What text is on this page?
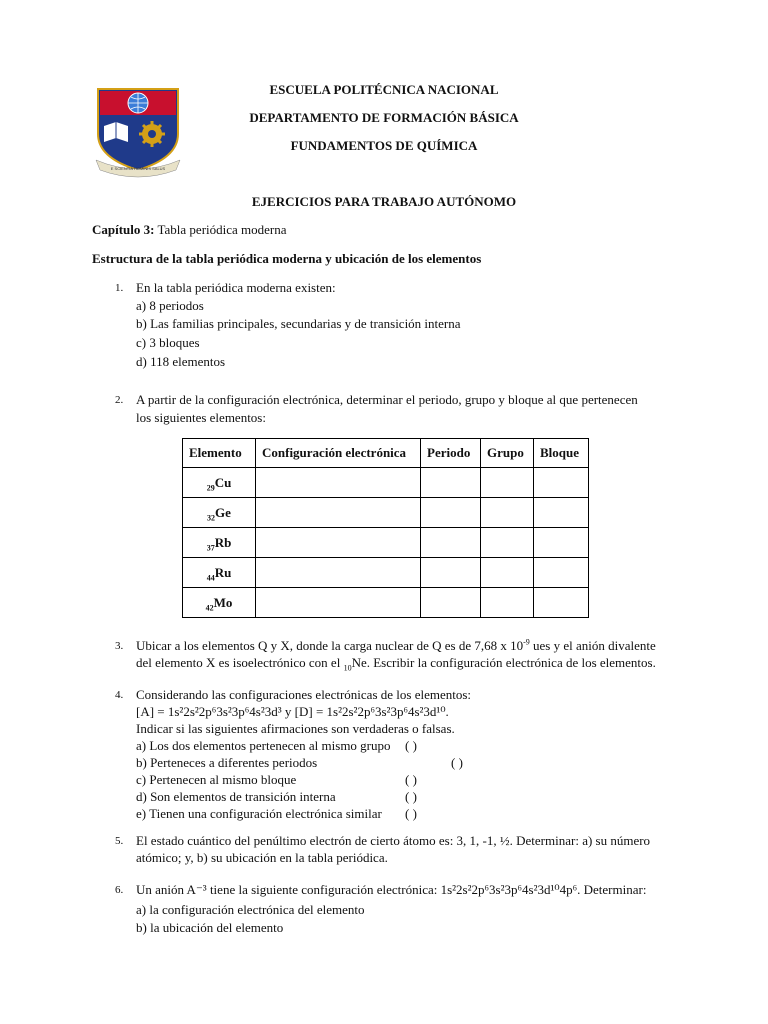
E SCIENTIA HOMINIS SALUS
ESCUELA POLITÉCNICA NACIONAL
DEPARTAMENTO DE FORMACIÓN BÁSICA
FUNDAMENTOS DE QUÍMICA
EJERCICIOS PARA TRABAJO AUTÓNOMO
Capítulo 3: Tabla periódica moderna
Estructura de la tabla periódica moderna y ubicación de los elementos
1. En la tabla periódica moderna existen:
a) 8 periodos
b) Las familias principales, secundarias y de transición interna
c) 3 bloques
d) 118 elementos
2. A partir de la configuración electrónica, determinar el periodo, grupo y bloque al que pertenecen
los siguientes elementos:
Elemento	Configuración electrónica	Periodo	Grupo	Bloque
$_{29}$Cu				
$_{32}$Ge				
$_{37}$Rb				
$_{44}$Ru				
$_{42}$Mo				
3. Ubicar a los elementos Q y X, donde la carga nuclear de Q es de 7,68 x $10^{-9}$ ues y el anión divalente
del elemento X es isoelectrónico con el $_{10}$Ne. Escribir la configuración electrónica de los elementos.
4. Considerando las configuraciones electrónicas de los elementos:
[A] = 1s²2s²2p⁶3s²3p⁶4s²3d³ y [D] = 1s²2s²2p⁶3s²3p⁶4s²3d¹⁰.
Indicar si las siguientes afirmaciones son verdaderas o falsas.
a) Los dos elementos pertenecen al mismo grupo ( )
b) Perteneces a diferentes periodos	( )
c) Pertenecen al mismo bloque	( )
d) Son elementos de transición interna	( )
e) Tienen una configuración electrónica similar ( )
5. El estado cuántico del penúltimo electrón de cierto átomo es: 3, 1, -1, ½. Determinar: a) su número
atómico; y, b) su ubicación en la tabla periódica.
6. Un anión A⁻³ tiene la siguiente configuración electrónica: 1s²2s²2p⁶3s²3p⁶4s²3d¹⁰4p⁶. Determinar:
a) la configuración electrónica del elemento
b) la ubicación del elemento
